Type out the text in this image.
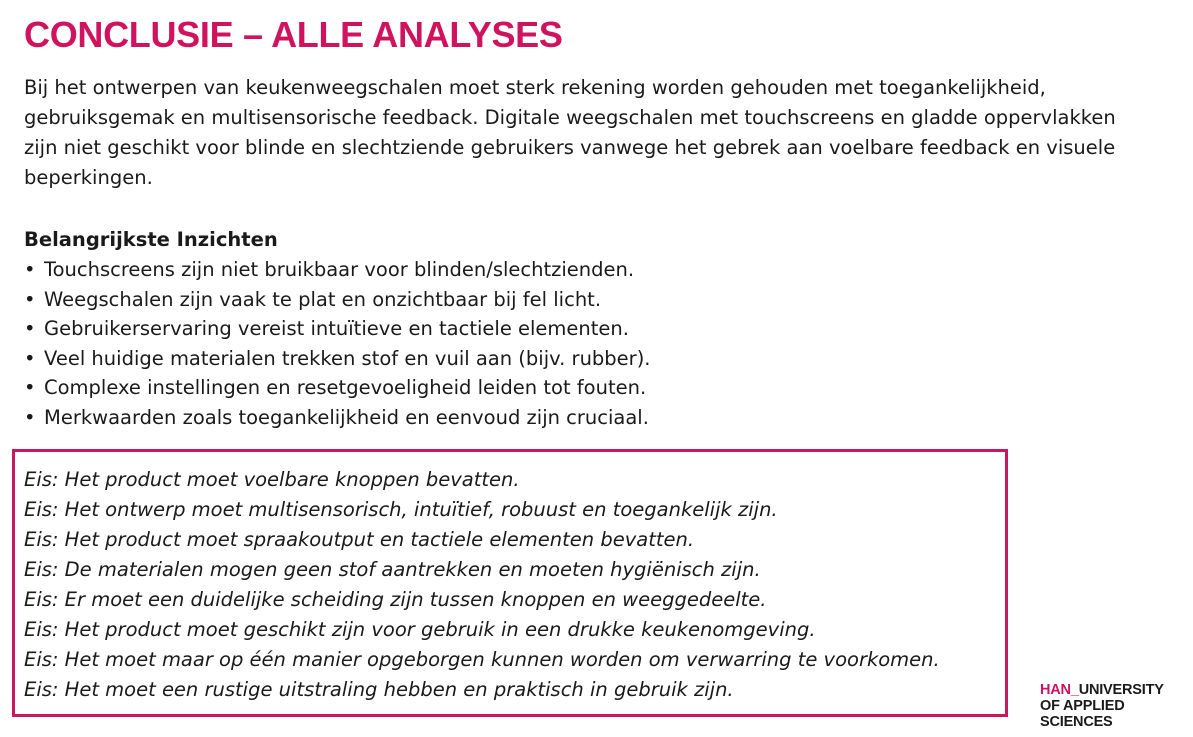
CONCLUSIE – ALLE ANALYSES

Bij het ontwerpen van keukenweegschalen moet sterk rekening worden gehouden met toegankelijkheid, gebruiksgemak en multisensorische feedback. Digitale weegschalen met touchscreens en gladde oppervlakken zijn niet geschikt voor blinde en slechtziende gebruikers vanwege het gebrek aan voelbare feedback en visuele beperkingen.

Belangrijkste Inzichten
• Touchscreens zijn niet bruikbaar voor blinden/slechtzienden.
• Weegschalen zijn vaak te plat en onzichtbaar bij fel licht.
• Gebruikerservaring vereist intuïtieve en tactiele elementen.
• Veel huidige materialen trekken stof en vuil aan (bijv. rubber).
• Complexe instellingen en resetgevoeligheid leiden tot fouten.
• Merkwaarden zoals toegankelijkheid en eenvoud zijn cruciaal.
Eis: Het product moet voelbare knoppen bevatten.
Eis: Het ontwerp moet multisensorisch, intuïtief, robuust en toegankelijk zijn.
Eis: Het product moet spraakoutput en tactiele elementen bevatten.
Eis: De materialen mogen geen stof aantrekken en moeten hygiënisch zijn.
Eis: Er moet een duidelijke scheiding zijn tussen knoppen en weeggedeelte.
Eis: Het product moet geschikt zijn voor gebruik in een drukke keukenomgeving.
Eis: Het moet maar op één manier opgeborgen kunnen worden om verwarring te voorkomen.
Eis: Het moet een rustige uitstraling hebben en praktisch in gebruik zijn.	HAN_UNIVERSITY
OF APPLIED SCIENCES
